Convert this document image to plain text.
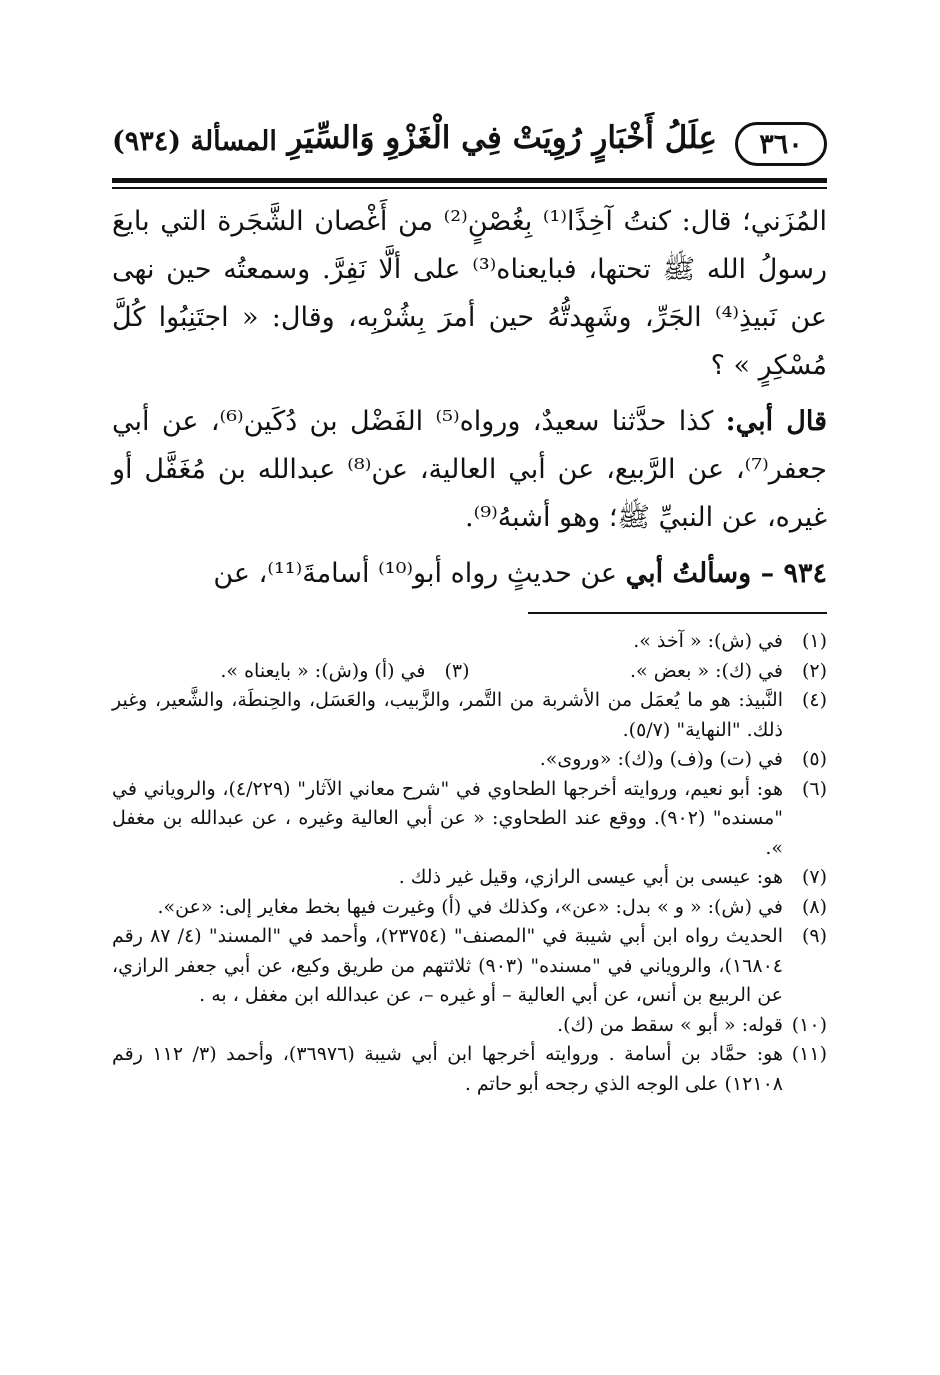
٣٦٠
عِلَلُ أَخْبَارٍ رُوِيَتْ فِي الْغَزْوِ وَالسِّيَرِ
المسألة (٩٣٤)

المُزَني؛ قال: كنتُ آخِذًا⁽¹⁾ بِغُصْنٍ⁽²⁾ من أَغْصان الشَّجَرة التي بايعَ رسولُ الله ﷺ تحتها، فبايعناه⁽³⁾ على ألَّا نَفِرَّ. وسمعتُه حين نهى عن نَبيذِ⁽⁴⁾ الجَرِّ، وشَهِدتُّهُ حين أمرَ بِشُرْبِه، وقال: « اجتَنِبُوا كُلَّ مُسْكِرٍ » ؟

قال أبي: كذا حدَّثنا سعيدٌ، ورواه⁽⁵⁾ الفَضْل بن دُكَين⁽⁶⁾، عن أبي جعفر⁽⁷⁾، عن الرَّبيع، عن أبي العالية، عن⁽⁸⁾ عبدالله بن مُغَفَّل أو غيره، عن النبيِّ ﷺ؛ وهو أشبهُ⁽⁹⁾.

٩٣٤ – وسألتُ أبي عن حديثٍ رواه أبو⁽¹⁰⁾ أسامةَ⁽¹¹⁾، عن

(١)
في (ش): « آخذ ».
(٢)
في (ك): « بعض ».
(٣)
في (أ) و(ش): « بايعناه ».
(٤)
النَّبيذ: هو ما يُعمَل من الأشربة من التَّمر، والزَّبيب، والعَسَل، والحِنطَة، والشَّعير، وغير ذلك. "النهاية" (٥/٧).
(٥)
في (ت) و(ف) و(ك): «وروى».
(٦)
هو: أبو نعيم، وروايته أخرجها الطحاوي في "شرح معاني الآثار" (٤/٢٢٩)، والروياني في "مسنده" (٩٠٢). ووقع عند الطحاوي: « عن أبي العالية وغيره ، عن عبدالله بن مغفل ».
(٧)
هو: عيسى بن أبي عيسى الرازي، وقيل غير ذلك .
(٨)
في (ش): « و » بدل: «عن»، وكذلك في (أ) وغيرت فيها بخط مغاير إلى: «عن».
(٩)
الحديث رواه ابن أبي شيبة في "المصنف" (٢٣٧٥٤)، وأحمد في "المسند" (٤/ ٨٧ رقم ١٦٨٠٤)، والروياني في "مسنده" (٩٠٣) ثلاثتهم من طريق وكيع، عن أبي جعفر الرازي، عن الربيع بن أنس، عن أبي العالية – أو غيره –، عن عبدالله ابن مغفل ، به .
(١٠)
قوله: « أبو » سقط من (ك).
(١١)
هو: حمَّاد بن أسامة . وروايته أخرجها ابن أبي شيبة (٣٦٩٧٦)، وأحمد (٣/ ١١٢ رقم ١٢١٠٨) على الوجه الذي رجحه أبو حاتم .
